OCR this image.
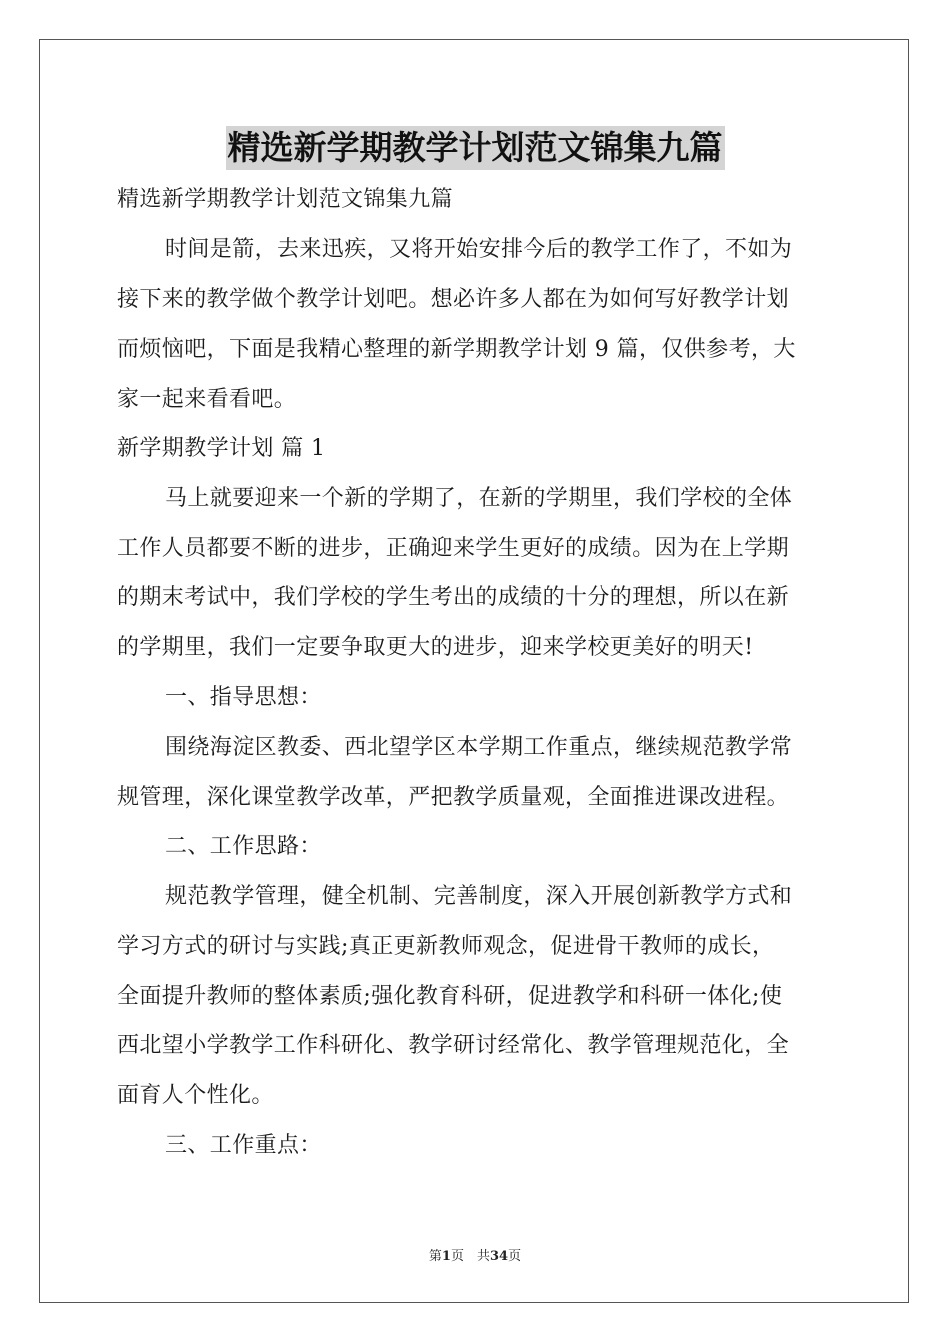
精选新学期教学计划范文锦集九篇
精选新学期教学计划范文锦集九篇
时间是箭，去来迅疾，又将开始安排今后的教学工作了，不如为
接下来的教学做个教学计划吧。想必许多人都在为如何写好教学计划
而烦恼吧，下面是我精心整理的新学期教学计划 9 篇，仅供参考，大
家一起来看看吧。
新学期教学计划 篇 1
马上就要迎来一个新的学期了，在新的学期里，我们学校的全体
工作人员都要不断的进步，正确迎来学生更好的成绩。因为在上学期
的期末考试中，我们学校的学生考出的成绩的十分的理想，所以在新
的学期里，我们一定要争取更大的进步，迎来学校更美好的明天!
一、指导思想：
围绕海淀区教委、西北望学区本学期工作重点，继续规范教学常
规管理，深化课堂教学改革，严把教学质量观，全面推进课改进程。
二、工作思路：
规范教学管理，健全机制、完善制度，深入开展创新教学方式和
学习方式的研讨与实践;真正更新教师观念，促进骨干教师的成长，
全面提升教师的整体素质;强化教育科研，促进教学和科研一体化;使
西北望小学教学工作科研化、教学研讨经常化、教学管理规范化，全
面育人个性化。
三、工作重点：
第1页　共34页
